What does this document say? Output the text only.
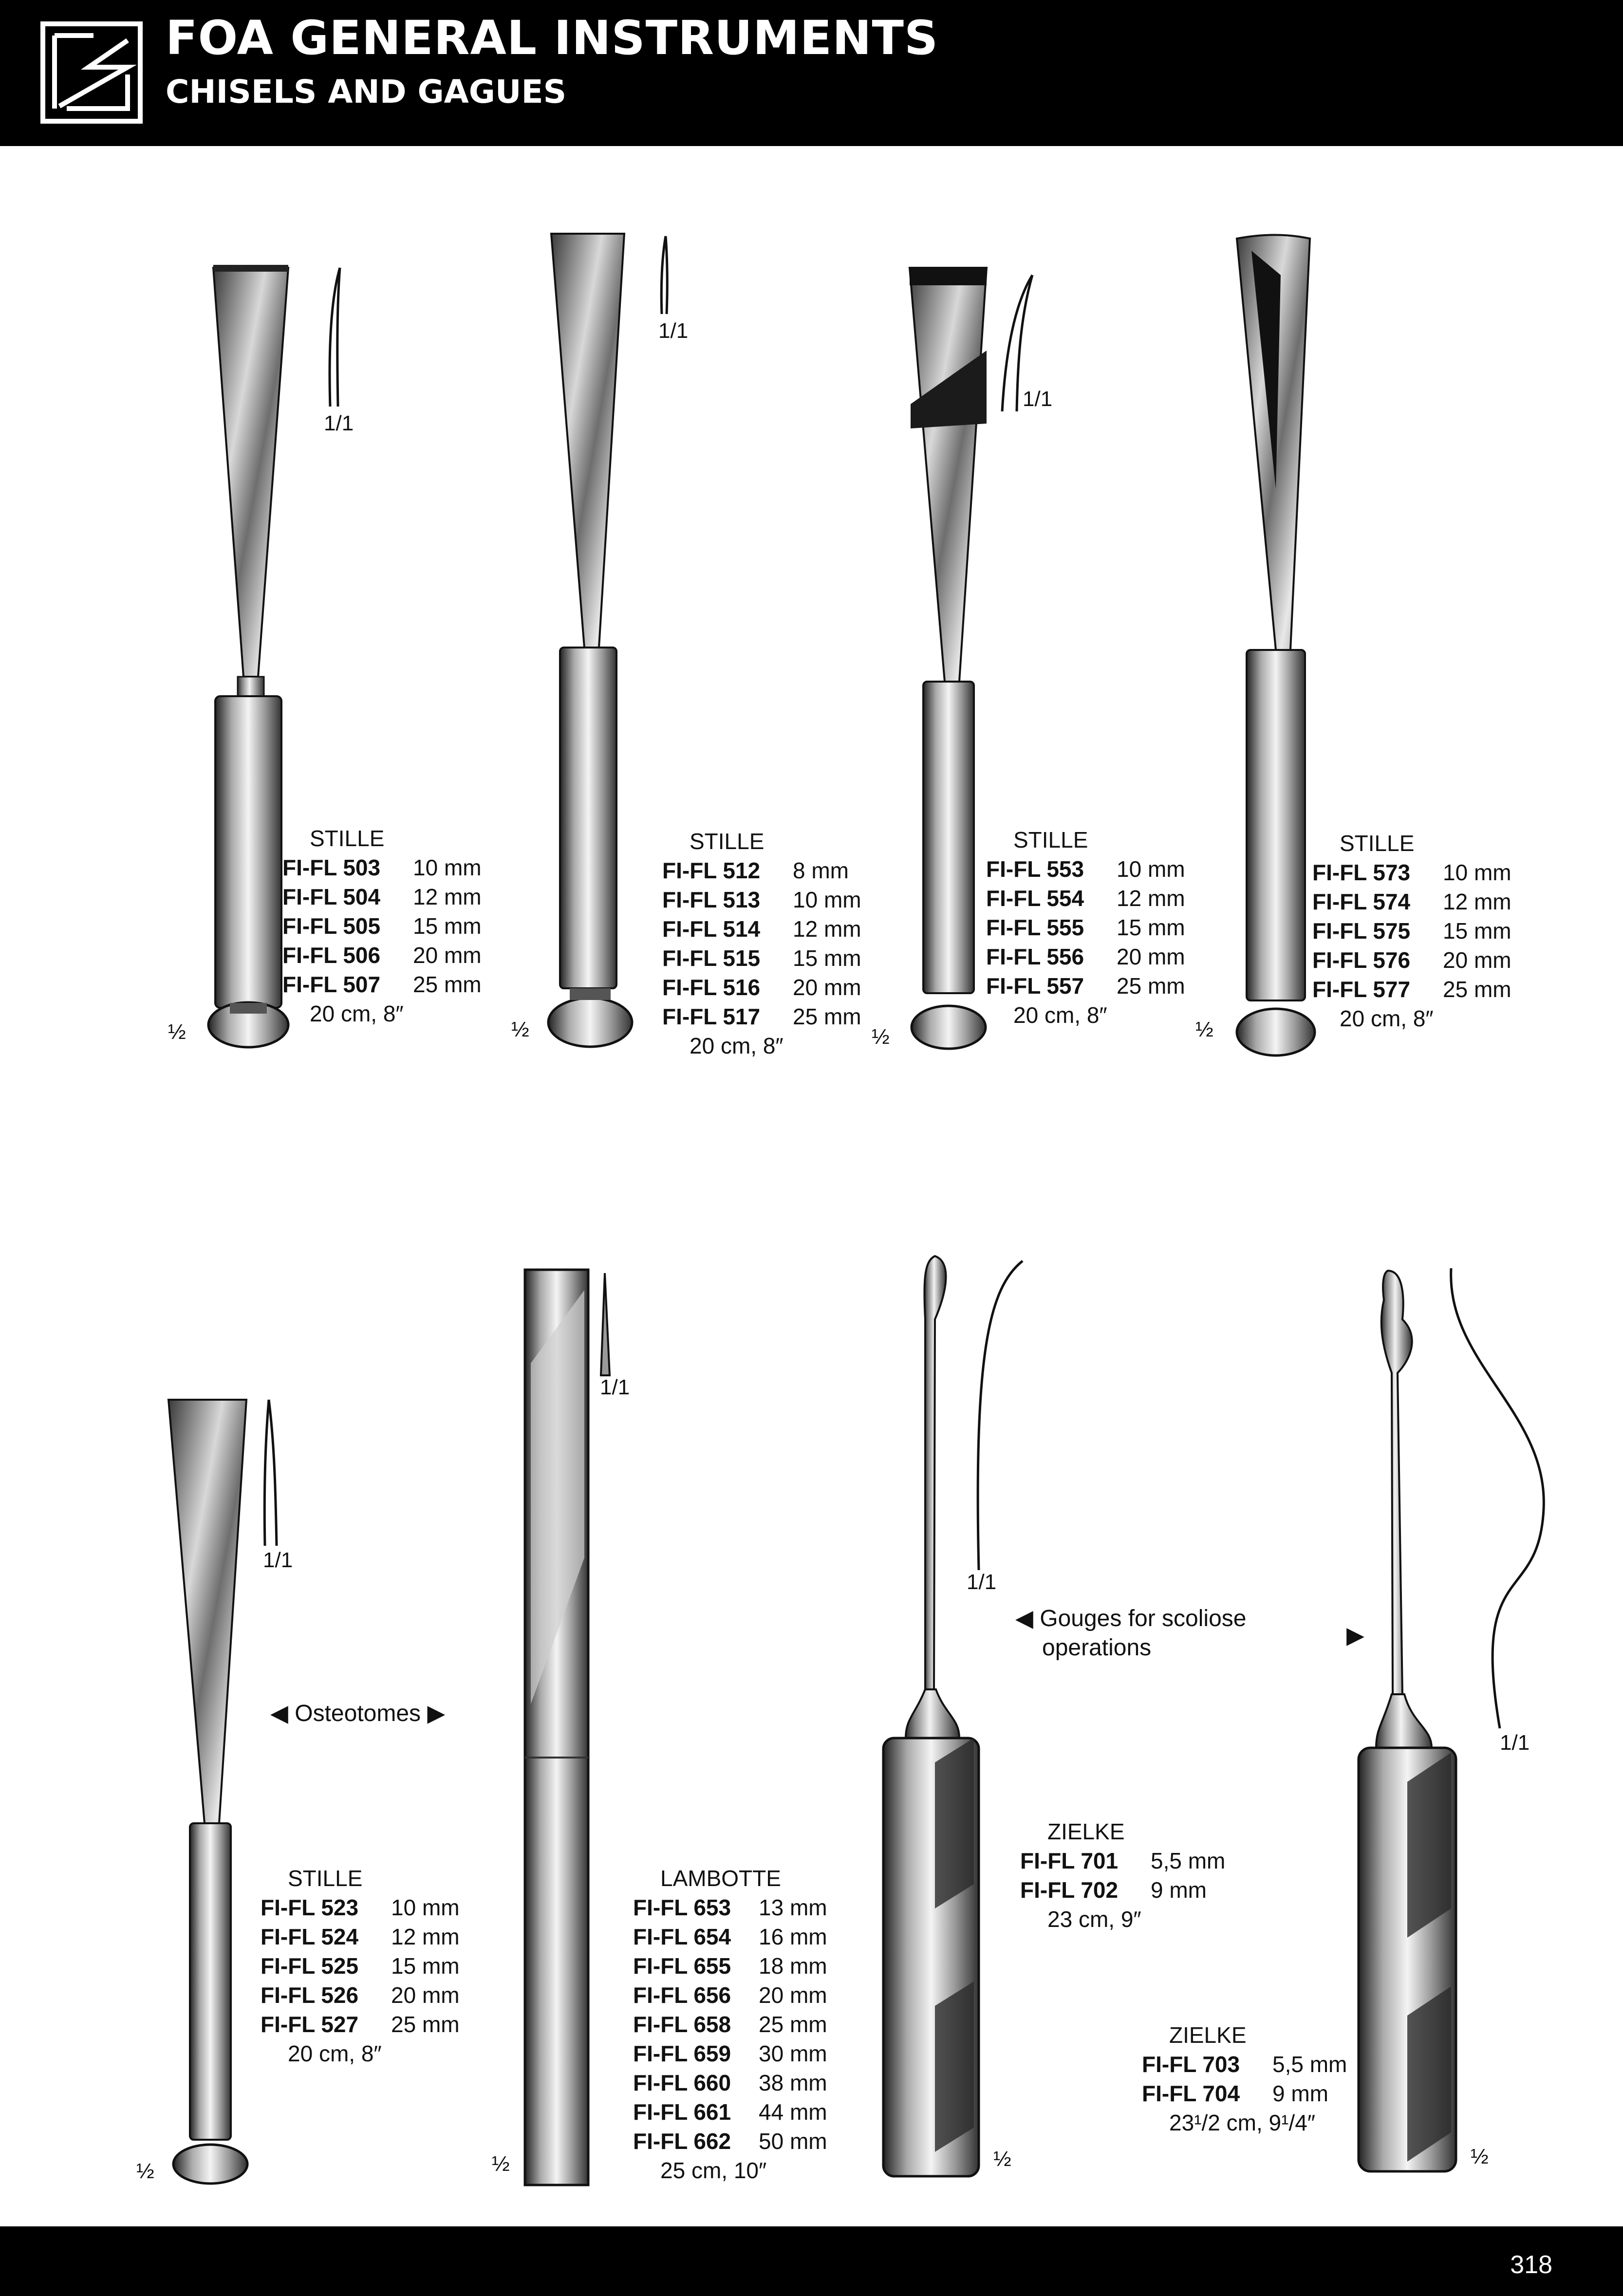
FOA GENERAL INSTRUMENTS
CHISELS AND GAGUES
½
1/1
½
1/1
½
1/1
½
1/1
½
1/1
½
1/1
½
1/1
½
STILLE
FI-FL 503	10 mm
FI-FL 504	12 mm
FI-FL 505	15 mm
FI-FL 506	20 mm
FI-FL 507	25 mm
20 cm, 8″
STILLE
FI-FL 512	8 mm
FI-FL 513	10 mm
FI-FL 514	12 mm
FI-FL 515	15 mm
FI-FL 516	20 mm
FI-FL 517	25 mm
20 cm, 8″
STILLE
FI-FL 553	10 mm
FI-FL 554	12 mm
FI-FL 555	15 mm
FI-FL 556	20 mm
FI-FL 557	25 mm
20 cm, 8″
STILLE
FI-FL 573	10 mm
FI-FL 574	12 mm
FI-FL 575	15 mm
FI-FL 576	20 mm
FI-FL 577	25 mm
20 cm, 8″
STILLE
FI-FL 523	10 mm
FI-FL 524	12 mm
FI-FL 525	15 mm
FI-FL 526	20 mm
FI-FL 527	25 mm
20 cm, 8″
LAMBOTTE
FI-FL 653	13 mm
FI-FL 654	16 mm
FI-FL 655	18 mm
FI-FL 656	20 mm
FI-FL 658	25 mm
FI-FL 659	30 mm
FI-FL 660	38 mm
FI-FL 661	44 mm
FI-FL 662	50 mm
25 cm, 10″
ZIELKE
FI-FL 701	5,5 mm
FI-FL 702	9 mm
23 cm, 9″
ZIELKE
FI-FL 703	5,5 mm
FI-FL 704	9 mm
23¹/2 cm, 9¹/4″
◀ Osteotomes ▶
◀ Gouges for scoliose
operations	▶
318
